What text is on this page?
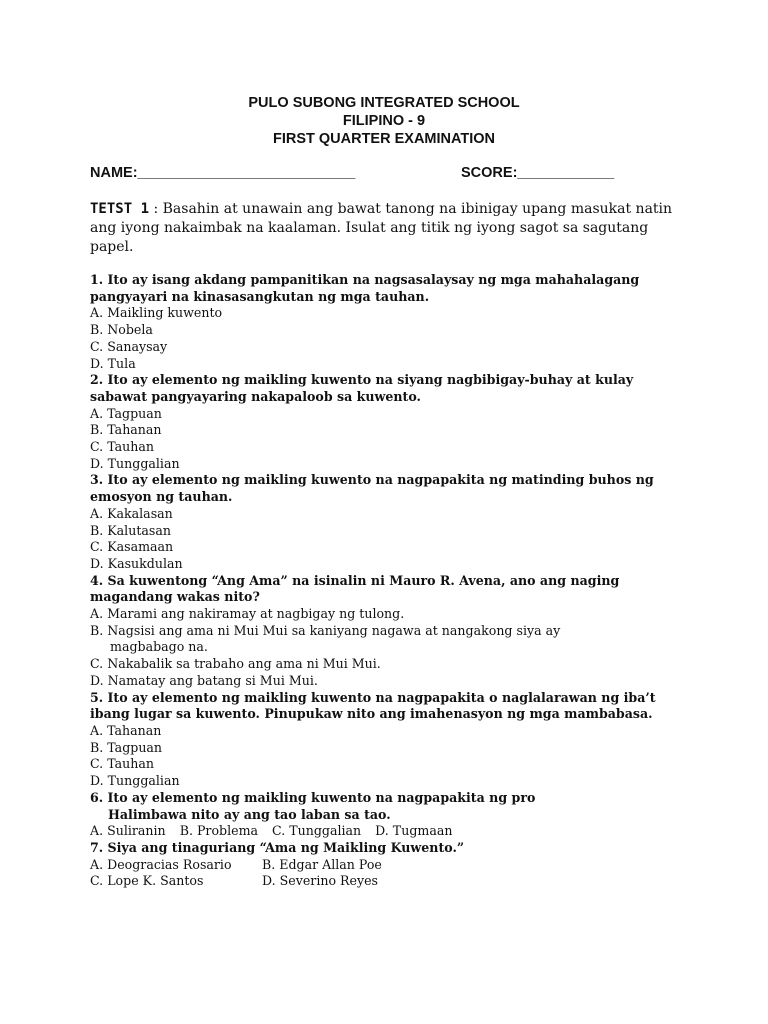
PULO SUBONG INTEGRATED SCHOOL
FILIPINO - 9
FIRST QUARTER EXAMINATION
NAME:___________________________	SCORE:____________
TETST 1 : Basahin at unawain ang bawat tanong na ibinigay upang masukat natin ang iyong nakaimbak na kaalaman. Isulat ang titik ng iyong sagot sa sagutang papel.
1. Ito ay isang akdang pampanitikan na nagsasalaysay ng mga mahahalagang pangyayari na kinasasangkutan ng mga tauhan.
A. Maikling kuwento
B. Nobela
C. Sanaysay
D. Tula
2. Ito ay elemento ng maikling kuwento na siyang nagbibigay-buhay at kulay sabawat pangyayaring nakapaloob sa kuwento.
A. Tagpuan
B. Tahanan
C. Tauhan
D. Tunggalian
3. Ito ay elemento ng maikling kuwento na nagpapakita ng matinding buhos ng emosyon ng tauhan.
A. Kakalasan
B. Kalutasan
C. Kasamaan
D. Kasukdulan
4. Sa kuwentong “Ang Ama” na isinalin ni Mauro R. Avena, ano ang naging magandang wakas nito?
A. Marami ang nakiramay at nagbigay ng tulong.
B. Nagsisi ang ama ni Mui Mui sa kaniyang nagawa at nangakong siya ay
magbabago na.
C. Nakabalik sa trabaho ang ama ni Mui Mui.
D. Namatay ang batang si Mui Mui.
5. Ito ay elemento ng maikling kuwento na nagpapakita o naglalarawan ng iba’t ibang lugar sa kuwento. Pinupukaw nito ang imahenasyon ng mga mambabasa.
A. Tahanan
B. Tagpuan
C. Tauhan
D. Tunggalian
6. Ito ay elemento ng maikling kuwento na nagpapakita ng pro
Halimbawa nito ay ang tao laban sa tao.
A. Suliranin B. Problema C. Tunggalian D. Tugmaan
7. Siya ang tinaguriang “Ama ng Maikling Kuwento.”
A. Deogracias Rosario	B. Edgar Allan Poe
C. Lope K. Santos	D. Severino Reyes
